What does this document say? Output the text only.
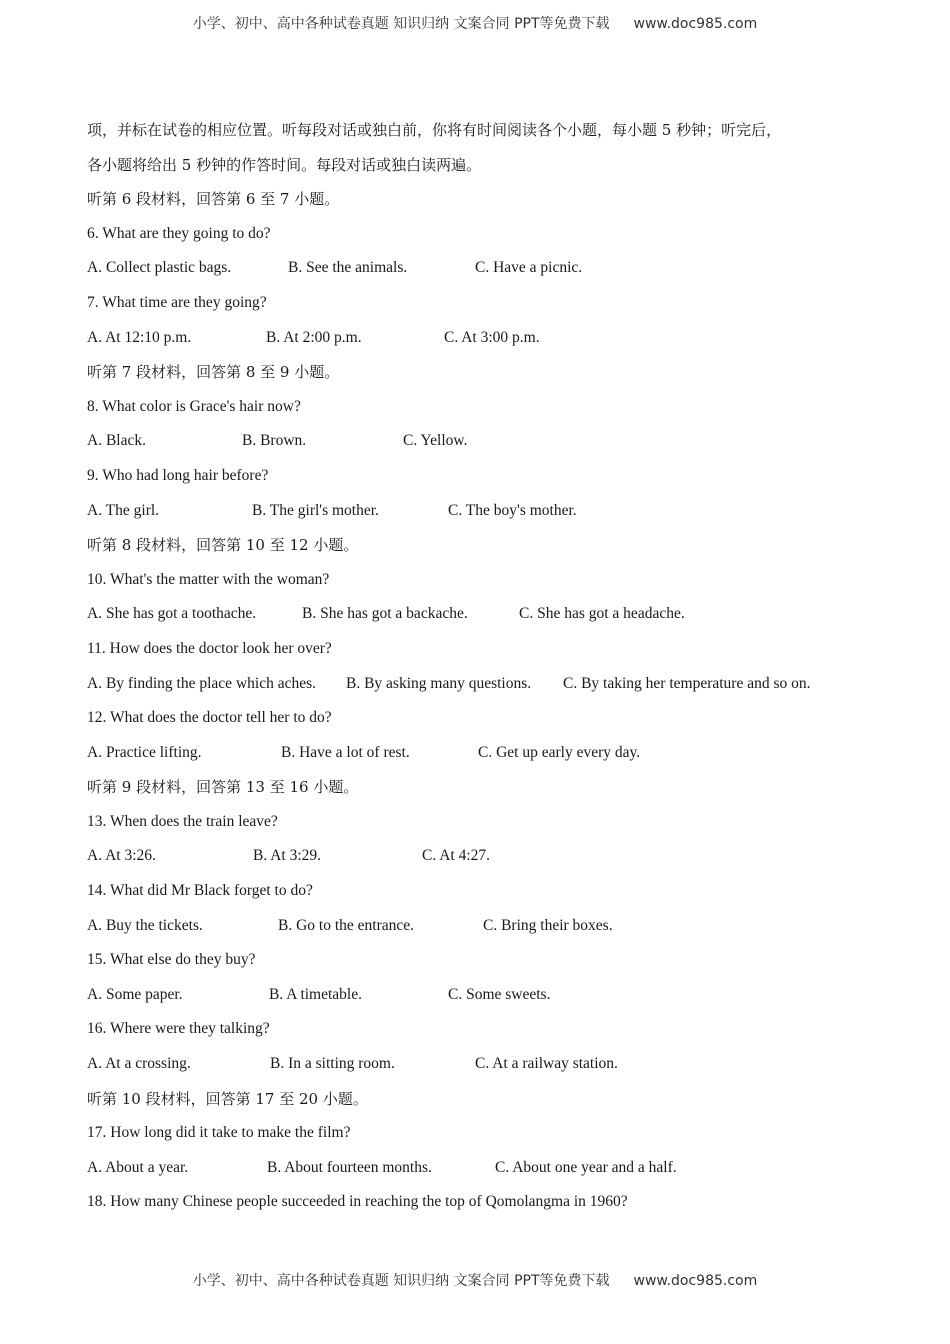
小学、初中、高中各种试卷真题 知识归纳 文案合同 PPT等免费下载 www.doc985.com

项，并标在试卷的相应位置。听每段对话或独白前，你将有时间阅读各个小题，每小题 5 秒钟；听完后，

各小题将给出 5 秒钟的作答时间。每段对话或独白读两遍。

听第 6 段材料，回答第 6 至 7 小题。

6. What are they going to do?

A. Collect plastic bags.	B. See the animals.	C. Have a picnic.

7. What time are they going?

A. At 12:10 p.m.	B. At 2:00 p.m.	C. At 3:00 p.m.

听第 7 段材料，回答第 8 至 9 小题。

8. What color is Grace's hair now?

A. Black.	B. Brown.	C. Yellow.

9. Who had long hair before?

A. The girl.	B. The girl's mother.	C. The boy's mother.

听第 8 段材料，回答第 10 至 12 小题。

10. What's the matter with the woman?

A. She has got a toothache.	B. She has got a backache.	C. She has got a headache.

11. How does the doctor look her over?

A. By finding the place which aches. B. By asking many questions. C. By taking her temperature and so on.

12. What does the doctor tell her to do?

A. Practice lifting.	B. Have a lot of rest.	C. Get up early every day.

听第 9 段材料，回答第 13 至 16 小题。

13. When does the train leave?

A. At 3:26.	B. At 3:29.	C. At 4:27.

14. What did Mr Black forget to do?

A. Buy the tickets.	B. Go to the entrance.	C. Bring their boxes.

15. What else do they buy?

A. Some paper.	B. A timetable.	C. Some sweets.

16. Where were they talking?

A. At a crossing.	B. In a sitting room.	C. At a railway station.

听第 10 段材料，回答第 17 至 20 小题。

17. How long did it take to make the film?

A. About a year.	B. About fourteen months.	C. About one year and a half.

18. How many Chinese people succeeded in reaching the top of Qomolangma in 1960?

小学、初中、高中各种试卷真题 知识归纳 文案合同 PPT等免费下载 www.doc985.com
